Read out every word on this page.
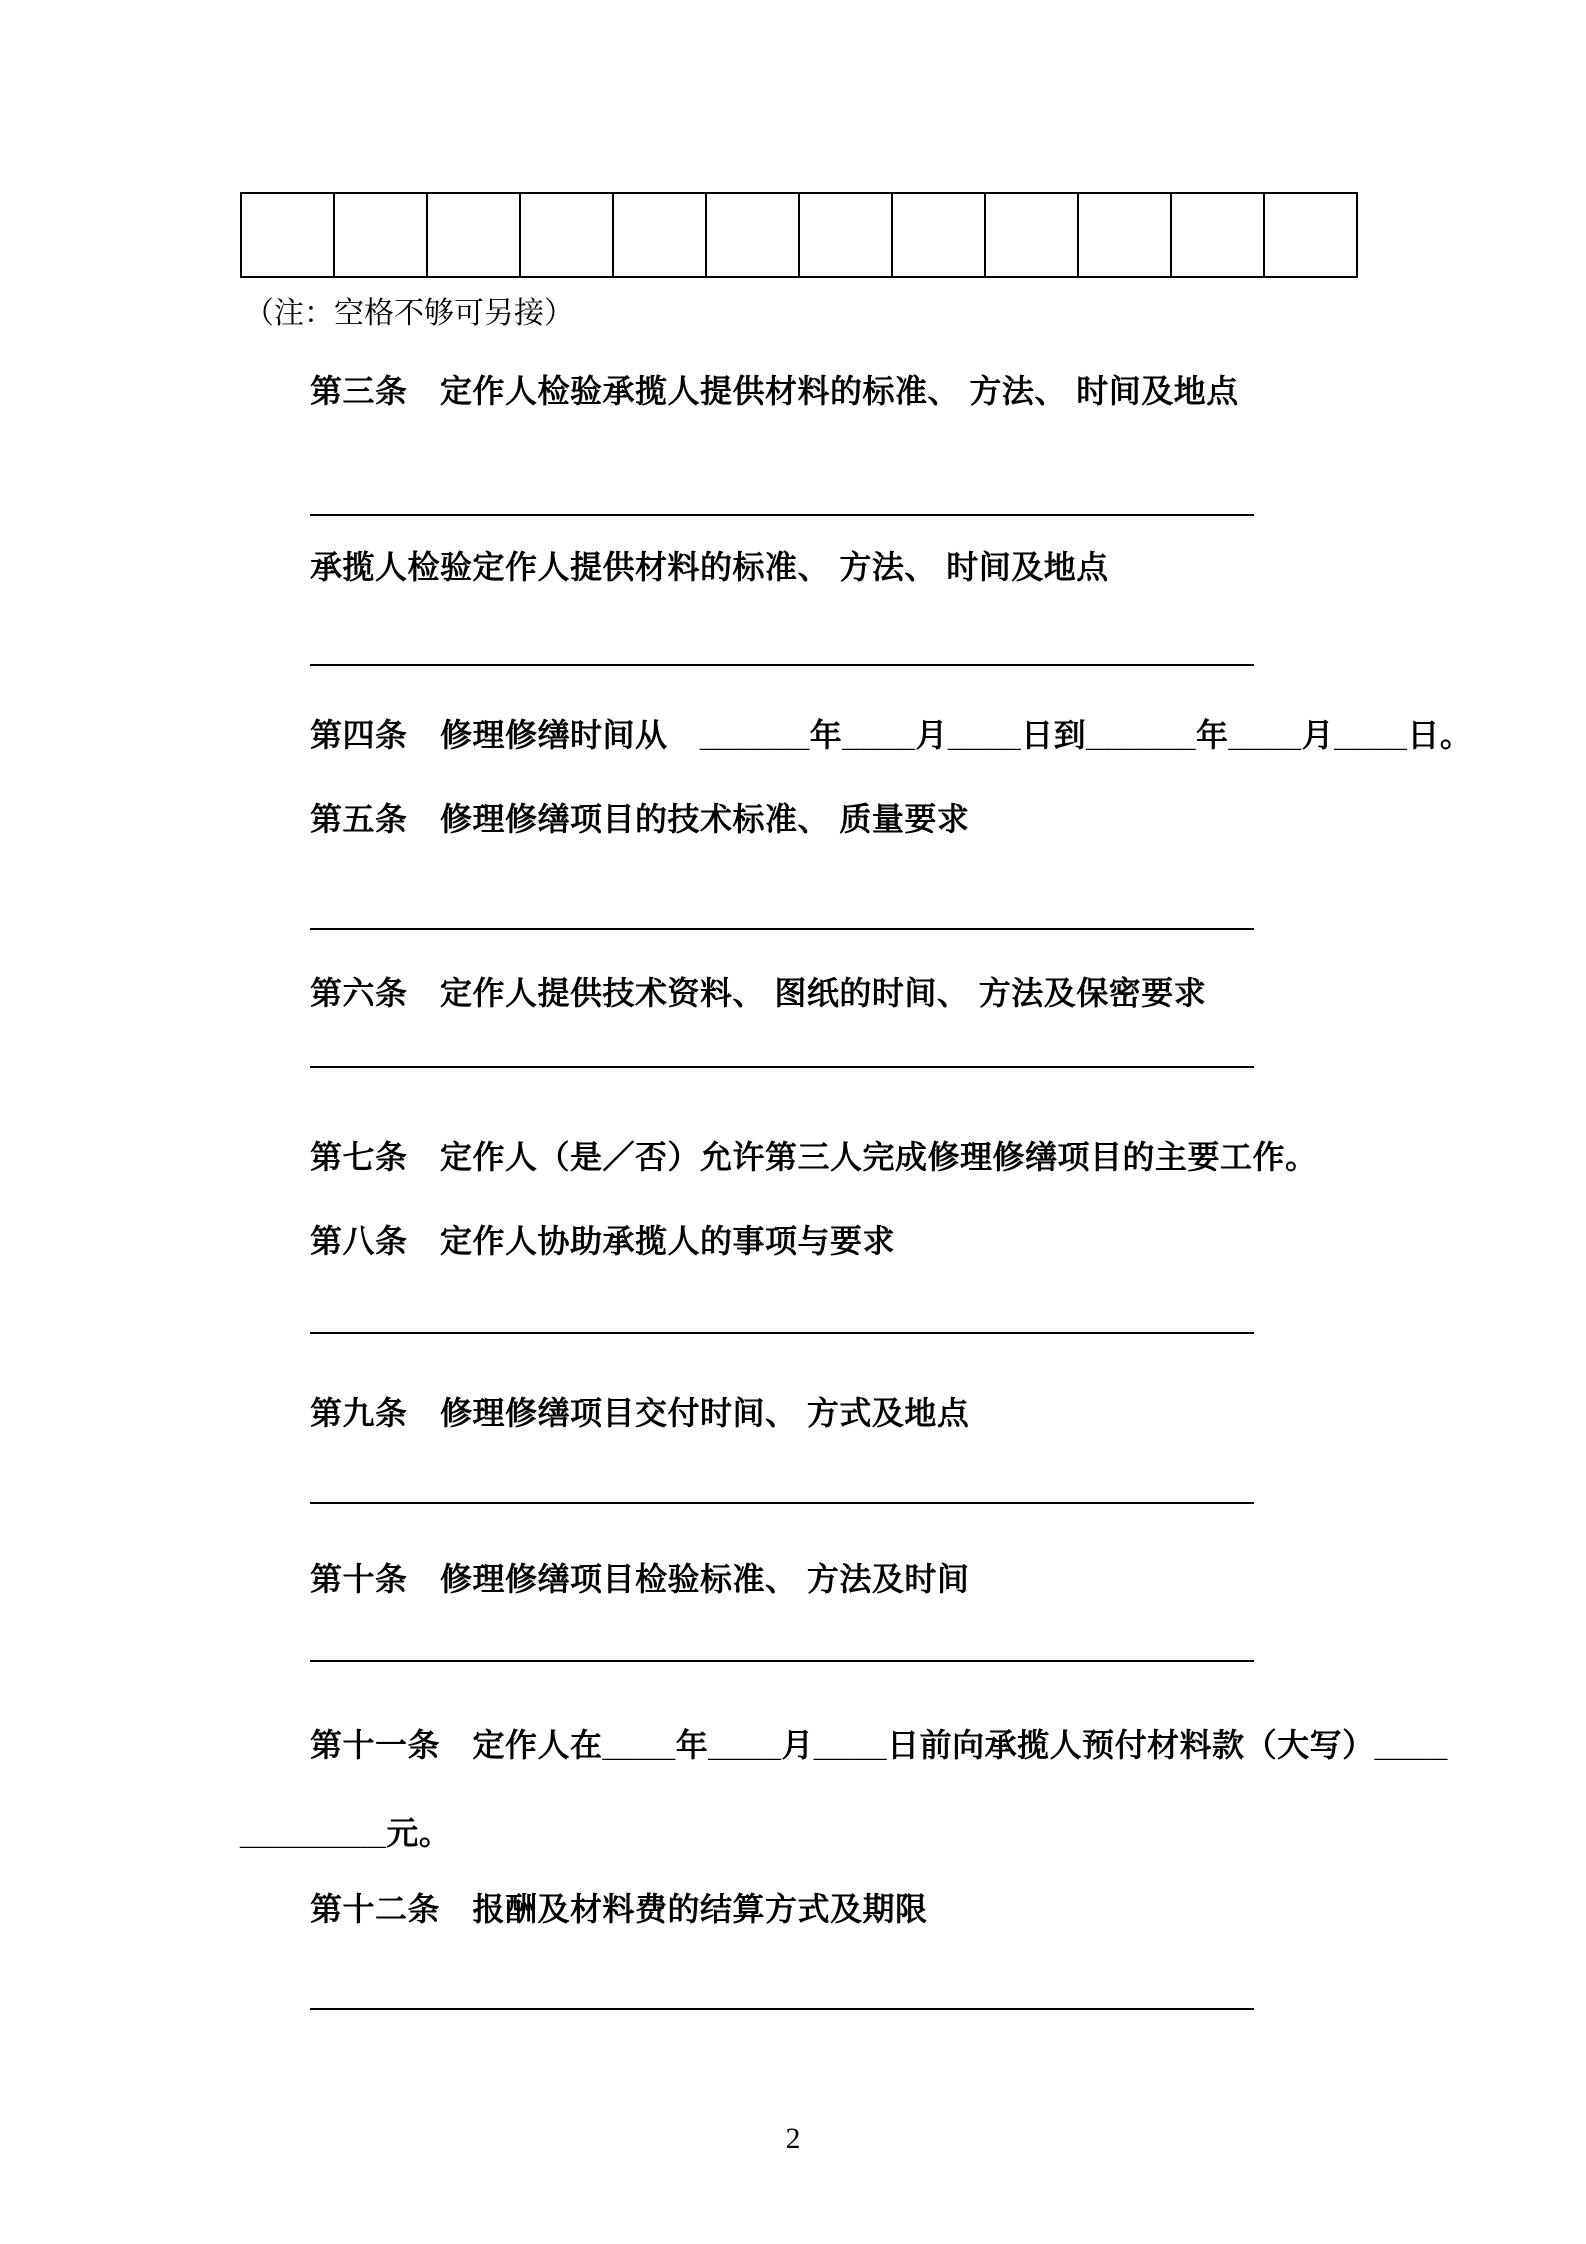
（注：空格不够可另接）
第三条　定作人检验承揽人提供材料的标准、 方法、 时间及地点
承揽人检验定作人提供材料的标准、 方法、 时间及地点
第四条　修理修缮时间从　______年____月____日到______年____月____日。
第五条　修理修缮项目的技术标准、 质量要求
第六条　定作人提供技术资料、 图纸的时间、 方法及保密要求
第七条　定作人（是／否）允许第三人完成修理修缮项目的主要工作。
第八条　定作人协助承揽人的事项与要求
第九条　修理修缮项目交付时间、 方式及地点
第十条　修理修缮项目检验标准、 方法及时间
第十一条　定作人在____年____月____日前向承揽人预付材料款（大写）____
________元。
第十二条　报酬及材料费的结算方式及期限
2
